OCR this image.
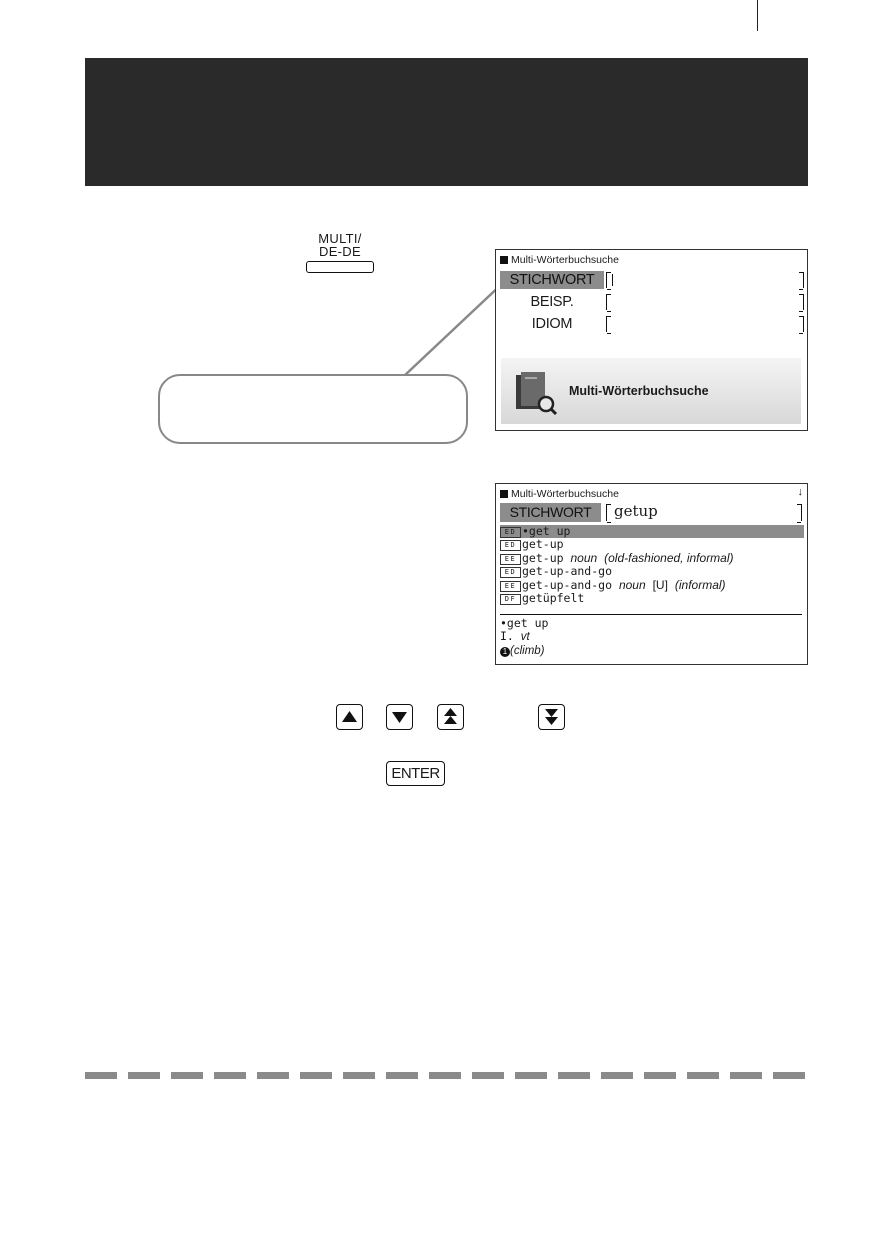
MULTI/
DE-DE
Multi-Wörterbuchsuche
STICHWORT
BEISP.
IDIOM
Multi-Wörterbuchsuche
Multi-Wörterbuchsuche	↓
STICHWORT	getup
ED •get up
ED get-up
EE get-up noun (old-fashioned, informal)
ED get-up-and-go
EE get-up-and-go noun [U] (informal)
DF getüpfelt
•get up
I. vt
1 (climb)
ENTER
